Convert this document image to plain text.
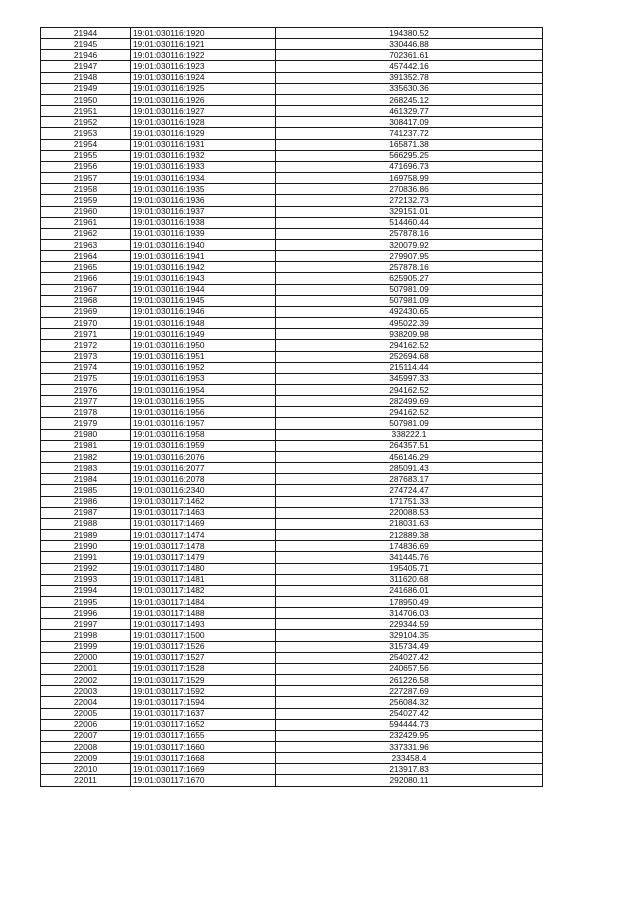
21944	19:01:030116:1920	194380.52
21945	19:01:030116:1921	330446.88
21946	19:01:030116:1922	702361.61
21947	19:01:030116:1923	457442.16
21948	19:01:030116:1924	391352.78
21949	19:01:030116:1925	335630.36
21950	19:01:030116:1926	268245.12
21951	19:01:030116:1927	461329.77
21952	19:01:030116:1928	308417.09
21953	19:01:030116:1929	741237.72
21954	19:01:030116:1931	165871.38
21955	19:01:030116:1932	566295.25
21956	19:01:030116:1933	471696.73
21957	19:01:030116:1934	169758.99
21958	19:01:030116:1935	270836.86
21959	19:01:030116:1936	272132.73
21960	19:01:030116:1937	329151.01
21961	19:01:030116:1938	514460.44
21962	19:01:030116:1939	257878.16
21963	19:01:030116:1940	320079.92
21964	19:01:030116:1941	279907.95
21965	19:01:030116:1942	257878.16
21966	19:01:030116:1943	625905.27
21967	19:01:030116:1944	507981.09
21968	19:01:030116:1945	507981.09
21969	19:01:030116:1946	492430.65
21970	19:01:030116:1948	495022.39
21971	19:01:030116:1949	938209.98
21972	19:01:030116:1950	294162.52
21973	19:01:030116:1951	252694.68
21974	19:01:030116:1952	215114.44
21975	19:01:030116:1953	345997.33
21976	19:01:030116:1954	294162.52
21977	19:01:030116:1955	282499.69
21978	19:01:030116:1956	294162.52
21979	19:01:030116:1957	507981.09
21980	19:01:030116:1958	338222.1
21981	19:01:030116:1959	264357.51
21982	19:01:030116:2076	456146.29
21983	19:01:030116:2077	285091.43
21984	19:01:030116:2078	287683.17
21985	19:01:030116:2340	274724.47
21986	19:01:030117:1462	171751.33
21987	19:01:030117:1463	220088.53
21988	19:01:030117:1469	218031.63
21989	19:01:030117:1474	212889.38
21990	19:01:030117:1478	174836.69
21991	19:01:030117:1479	341445.76
21992	19:01:030117:1480	195405.71
21993	19:01:030117:1481	311620.68
21994	19:01:030117:1482	241686.01
21995	19:01:030117:1484	178950.49
21996	19:01:030117:1488	314706.03
21997	19:01:030117:1493	229344.59
21998	19:01:030117:1500	329104.35
21999	19:01:030117:1526	315734.49
22000	19:01:030117:1527	254027.42
22001	19:01:030117:1528	240657.56
22002	19:01:030117:1529	261226.58
22003	19:01:030117:1592	227287.69
22004	19:01:030117:1594	256084.32
22005	19:01:030117:1637	254027.42
22006	19:01:030117:1652	594444.73
22007	19:01:030117:1655	232429.95
22008	19:01:030117:1660	337331.96
22009	19:01:030117:1668	233458.4
22010	19:01:030117:1669	213917.83
22011	19:01:030117:1670	292080.11
